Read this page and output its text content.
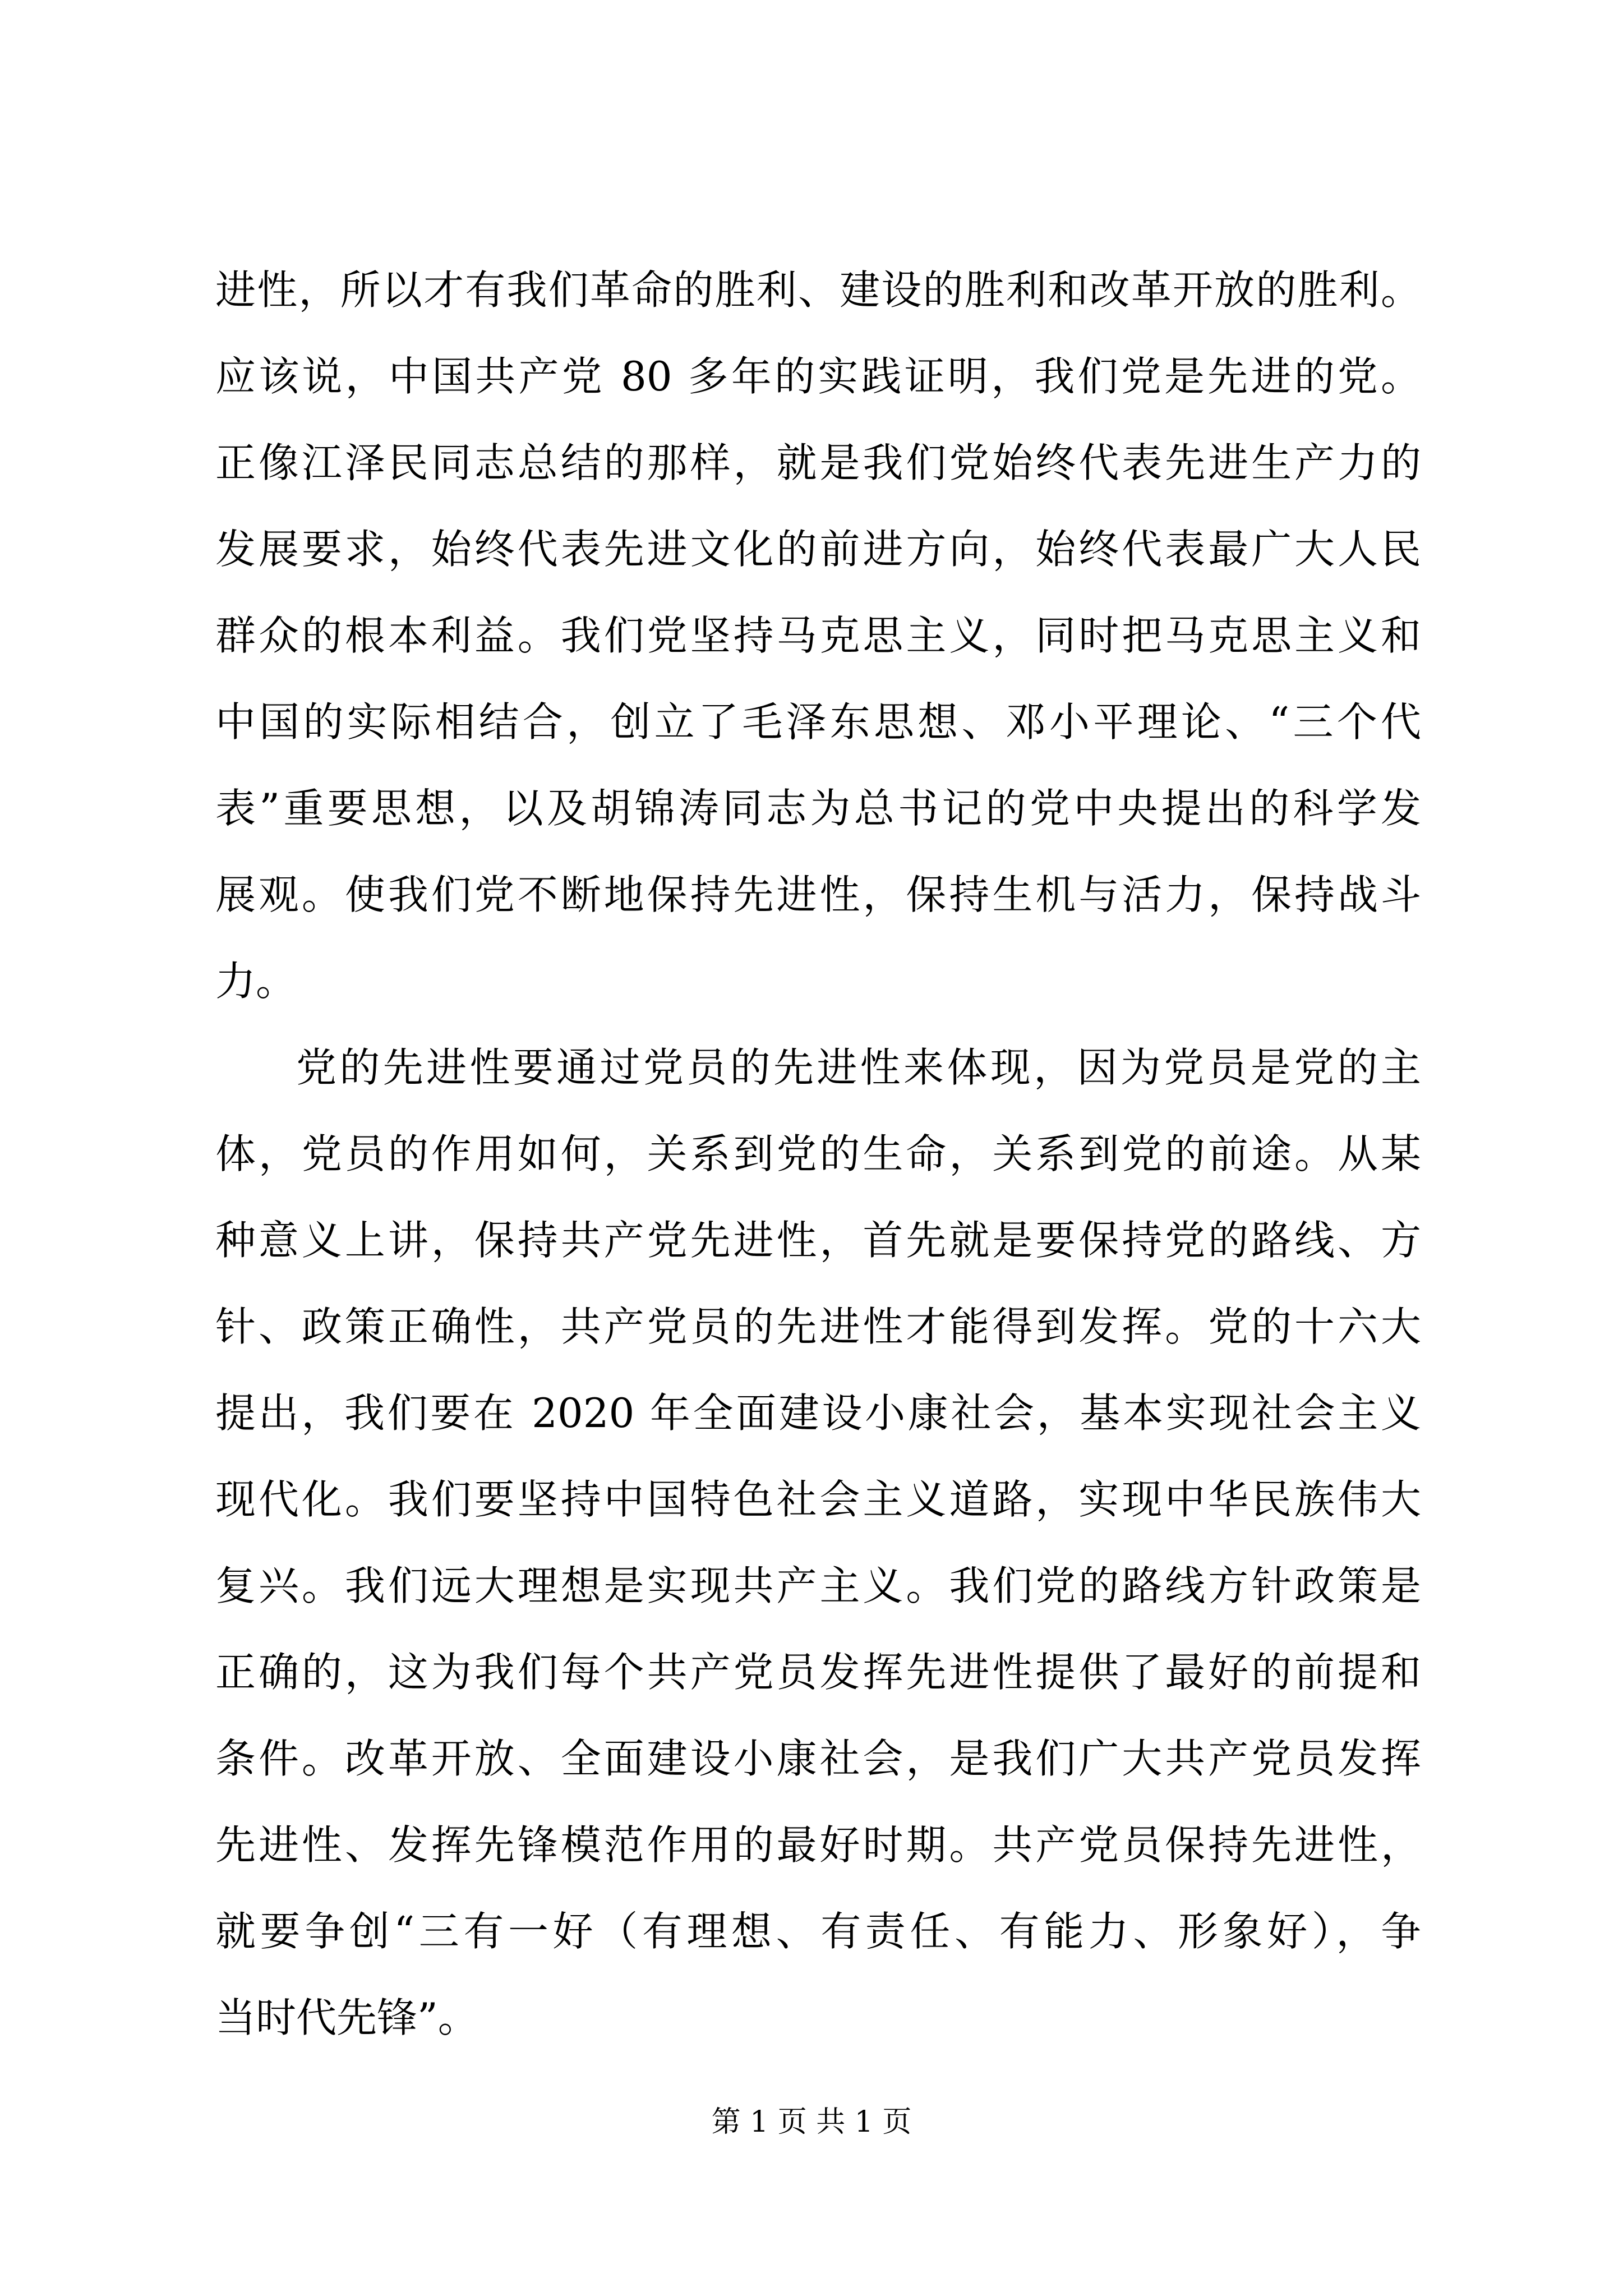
进性，所以才有我们革命的胜利、建设的胜利和改革开放的胜利。
应该说，中国共产党 80 多年的实践证明，我们党是先进的党。
正像江泽民同志总结的那样，就是我们党始终代表先进生产力的
发展要求，始终代表先进文化的前进方向，始终代表最广大人民
群众的根本利益。我们党坚持马克思主义，同时把马克思主义和
中国的实际相结合，创立了毛泽东思想、邓小平理论、“三个代
表”重要思想，以及胡锦涛同志为总书记的党中央提出的科学发
展观。使我们党不断地保持先进性，保持生机与活力，保持战斗
力。
党的先进性要通过党员的先进性来体现，因为党员是党的主
体，党员的作用如何，关系到党的生命，关系到党的前途。从某
种意义上讲，保持共产党先进性，首先就是要保持党的路线、方
针、政策正确性，共产党员的先进性才能得到发挥。党的十六大
提出，我们要在 2020 年全面建设小康社会，基本实现社会主义
现代化。我们要坚持中国特色社会主义道路，实现中华民族伟大
复兴。我们远大理想是实现共产主义。我们党的路线方针政策是
正确的，这为我们每个共产党员发挥先进性提供了最好的前提和
条件。改革开放、全面建设小康社会，是我们广大共产党员发挥
先进性、发挥先锋模范作用的最好时期。共产党员保持先进性，
就要争创“三有一好（有理想、有责任、有能力、形象好），争
当时代先锋”。
第 1 页 共 1 页
